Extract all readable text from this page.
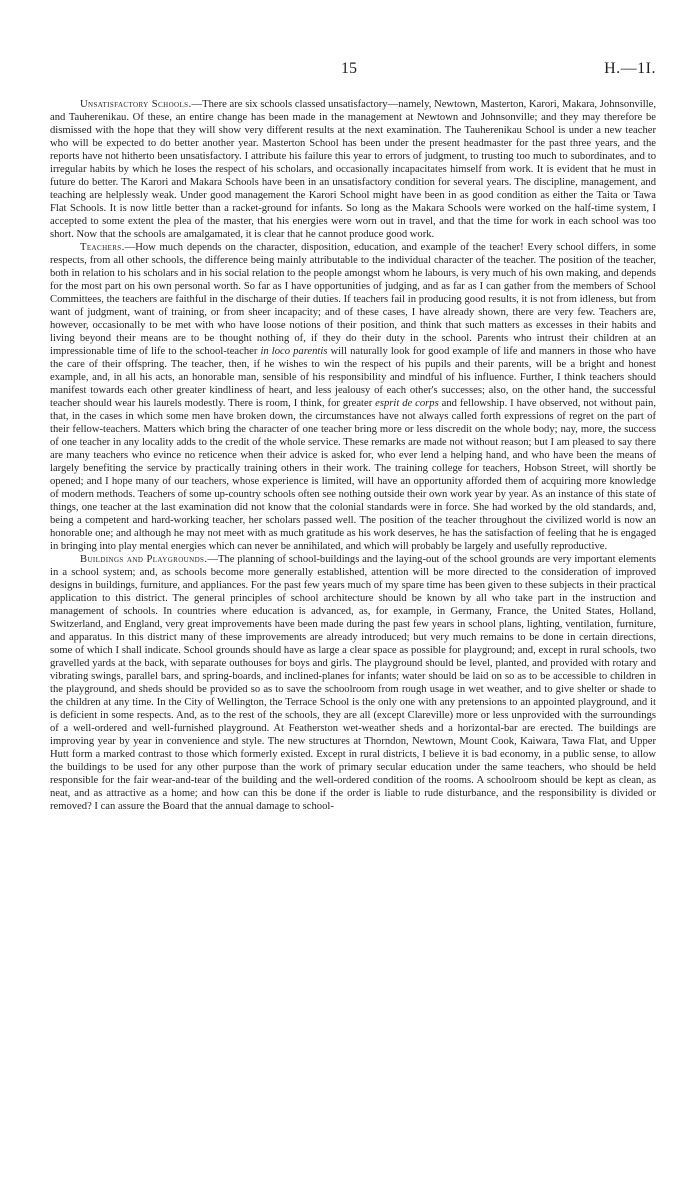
15	H.—1I.

Unsatisfactory Schools.—There are six schools classed unsatisfactory—namely, Newtown, Masterton, Karori, Makara, Johnsonville, and Tauherenikau. Of these, an entire change has been made in the management at Newtown and Johnsonville; and they may therefore be dismissed with the hope that they will show very different results at the next examination. The Tauherenikau School is under a new teacher who will be expected to do better another year. Masterton School has been under the present headmaster for the past three years, and the reports have not hitherto been unsatisfactory. I attribute his failure this year to errors of judgment, to trusting too much to subordinates, and to irregular habits by which he loses the respect of his scholars, and occasionally incapacitates himself from work. It is evident that he must in future do better. The Karori and Makara Schools have been in an unsatisfactory condition for several years. The discipline, management, and teaching are helplessly weak. Under good management the Karori School might have been in as good condition as either the Taita or Tawa Flat Schools. It is now little better than a racket-ground for infants. So long as the Makara Schools were worked on the half-time system, I accepted to some extent the plea of the master, that his energies were worn out in travel, and that the time for work in each school was too short. Now that the schools are amalgamated, it is clear that he cannot produce good work.

Teachers.—How much depends on the character, disposition, education, and example of the teacher! Every school differs, in some respects, from all other schools, the difference being mainly attributable to the individual character of the teacher. The position of the teacher, both in relation to his scholars and in his social relation to the people amongst whom he labours, is very much of his own making, and depends for the most part on his own personal worth. So far as I have opportunities of judging, and as far as I can gather from the members of School Committees, the teachers are faithful in the discharge of their duties. If teachers fail in producing good results, it is not from idleness, but from want of judgment, want of training, or from sheer incapacity; and of these cases, I have already shown, there are very few. Teachers are, however, occasionally to be met with who have loose notions of their position, and think that such matters as excesses in their habits and living beyond their means are to be thought nothing of, if they do their duty in the school. Parents who intrust their children at an impressionable time of life to the school-teacher in loco parentis will naturally look for good example of life and manners in those who have the care of their offspring. The teacher, then, if he wishes to win the respect of his pupils and their parents, will be a bright and honest example, and, in all his acts, an honorable man, sensible of his responsibility and mindful of his influence. Further, I think teachers should manifest towards each other greater kindliness of heart, and less jealousy of each other's successes; also, on the other hand, the successful teacher should wear his laurels modestly. There is room, I think, for greater esprit de corps and fellowship. I have observed, not without pain, that, in the cases in which some men have broken down, the circumstances have not always called forth expressions of regret on the part of their fellow-teachers. Matters which bring the character of one teacher bring more or less discredit on the whole body; nay, more, the success of one teacher in any locality adds to the credit of the whole service. These remarks are made not without reason; but I am pleased to say there are many teachers who evince no reticence when their advice is asked for, who ever lend a helping hand, and who have been the means of largely benefiting the service by practically training others in their work. The training college for teachers, Hobson Street, will shortly be opened; and I hope many of our teachers, whose experience is limited, will have an opportunity afforded them of acquiring more knowledge of modern methods. Teachers of some up-country schools often see nothing outside their own work year by year. As an instance of this state of things, one teacher at the last examination did not know that the colonial standards were in force. She had worked by the old standards, and, being a competent and hard-working teacher, her scholars passed well. The position of the teacher throughout the civilized world is now an honorable one; and although he may not meet with as much gratitude as his work deserves, he has the satisfaction of feeling that he is engaged in bringing into play mental energies which can never be annihilated, and which will probably be largely and usefully reproductive.

Buildings and Playgrounds.—The planning of school-buildings and the laying-out of the school grounds are very important elements in a school system; and, as schools become more generally established, attention will be more directed to the consideration of improved designs in buildings, furniture, and appliances. For the past few years much of my spare time has been given to these subjects in their practical application to this district. The general principles of school architecture should be known by all who take part in the instruction and management of schools. In countries where education is advanced, as, for example, in Germany, France, the United States, Holland, Switzerland, and England, very great improvements have been made during the past few years in school plans, lighting, ventilation, furniture, and apparatus. In this district many of these improvements are already introduced; but very much remains to be done in certain directions, some of which I shall indicate. School grounds should have as large a clear space as possible for playground; and, except in rural schools, two gravelled yards at the back, with separate outhouses for boys and girls. The playground should be level, planted, and provided with rotary and vibrating swings, parallel bars, and spring-boards, and inclined-planes for infants; water should be laid on so as to be accessible to children in the playground, and sheds should be provided so as to save the schoolroom from rough usage in wet weather, and to give shelter or shade to the children at any time. In the City of Wellington, the Terrace School is the only one with any pretensions to an appointed playground, and it is deficient in some respects. And, as to the rest of the schools, they are all (except Clareville) more or less unprovided with the surroundings of a well-ordered and well-furnished playground. At Featherston wet-weather sheds and a horizontal-bar are erected. The buildings are improving year by year in convenience and style. The new structures at Thorndon, Newtown, Mount Cook, Kaiwara, Tawa Flat, and Upper Hutt form a marked contrast to those which formerly existed. Except in rural districts, I believe it is bad economy, in a public sense, to allow the buildings to be used for any other purpose than the work of primary secular education under the same teachers, who should be held responsible for the fair wear-and-tear of the building and the well-ordered condition of the rooms. A schoolroom should be kept as clean, as neat, and as attractive as a home; and how can this be done if the order is liable to rude disturbance, and the responsibility is divided or removed? I can assure the Board that the annual damage to school-
